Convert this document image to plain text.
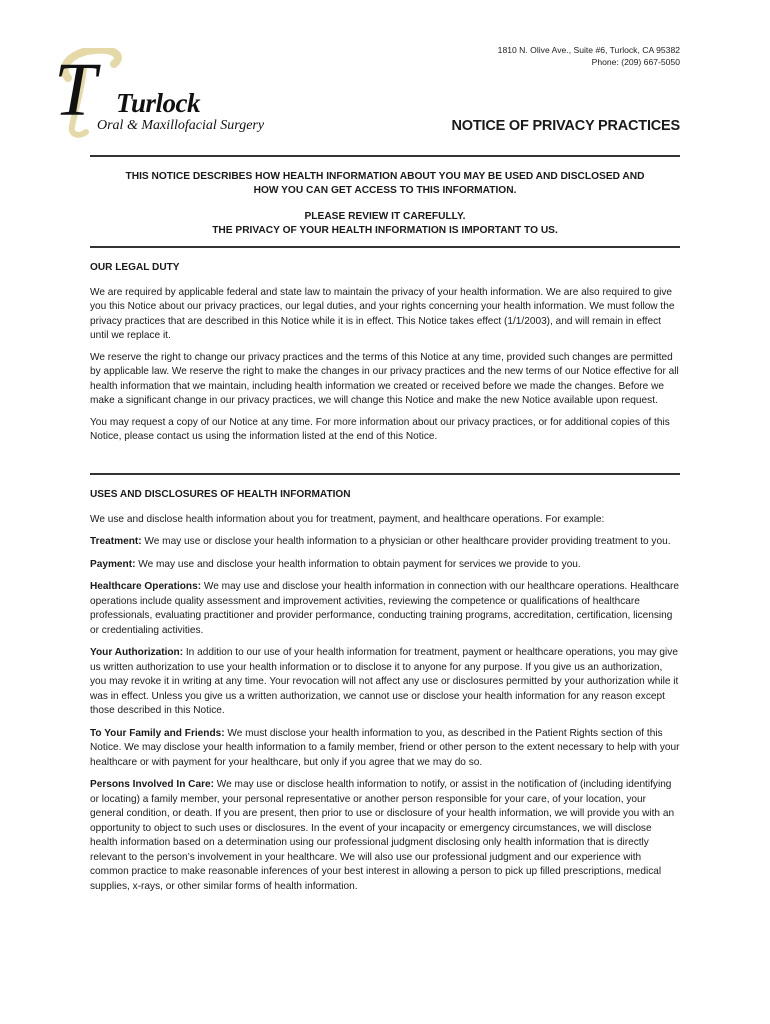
1810 N. Olive Ave., Suite #6, Turlock, CA 95382
Phone: (209) 667-5050
T Turlock
Oral & Maxillofacial Surgery	NOTICE OF PRIVACY PRACTICES
THIS NOTICE DESCRIBES HOW HEALTH INFORMATION ABOUT YOU MAY BE USED AND DISCLOSED AND
HOW YOU CAN GET ACCESS TO THIS INFORMATION.
PLEASE REVIEW IT CAREFULLY.
THE PRIVACY OF YOUR HEALTH INFORMATION IS IMPORTANT TO US.
OUR LEGAL DUTY

We are required by applicable federal and state law to maintain the privacy of your health information. We are also required to give you this Notice about our privacy practices, our legal duties, and your rights concerning your health information. We must follow the privacy practices that are described in this Notice while it is in effect. This Notice takes effect (1/1/2003), and will remain in effect until we replace it.

We reserve the right to change our privacy practices and the terms of this Notice at any time, provided such changes are permitted by applicable law. We reserve the right to make the changes in our privacy practices and the new terms of our Notice effective for all health information that we maintain, including health information we created or received before we made the changes. Before we make a significant change in our privacy practices, we will change this Notice and make the new Notice available upon request.

You may request a copy of our Notice at any time. For more information about our privacy practices, or for additional copies of this Notice, please contact us using the information listed at the end of this Notice.

USES AND DISCLOSURES OF HEALTH INFORMATION

We use and disclose health information about you for treatment, payment, and healthcare operations. For example:

Treatment: We may use or disclose your health information to a physician or other healthcare provider providing treatment to you.

Payment: We may use and disclose your health information to obtain payment for services we provide to you.

Healthcare Operations: We may use and disclose your health information in connection with our healthcare operations. Healthcare operations include quality assessment and improvement activities, reviewing the competence or qualifications of healthcare professionals, evaluating practitioner and provider performance, conducting training programs, accreditation, certification, licensing or credentialing activities.

Your Authorization: In addition to our use of your health information for treatment, payment or healthcare operations, you may give us written authorization to use your health information or to disclose it to anyone for any purpose. If you give us an authorization, you may revoke it in writing at any time. Your revocation will not affect any use or disclosures permitted by your authorization while it was in effect. Unless you give us a written authorization, we cannot use or disclose your health information for any reason except those described in this Notice.

To Your Family and Friends: We must disclose your health information to you, as described in the Patient Rights section of this Notice. We may disclose your health information to a family member, friend or other person to the extent necessary to help with your healthcare or with payment for your healthcare, but only if you agree that we may do so.

Persons Involved In Care: We may use or disclose health information to notify, or assist in the notification of (including identifying or locating) a family member, your personal representative or another person responsible for your care, of your location, your general condition, or death. If you are present, then prior to use or disclosure of your health information, we will provide you with an opportunity to object to such uses or disclosures. In the event of your incapacity or emergency circumstances, we will disclose health information based on a determination using our professional judgment disclosing only health information that is directly relevant to the person’s involvement in your healthcare. We will also use our professional judgment and our experience with common practice to make reasonable inferences of your best interest in allowing a person to pick up filled prescriptions, medical supplies, x-rays, or other similar forms of health information.
